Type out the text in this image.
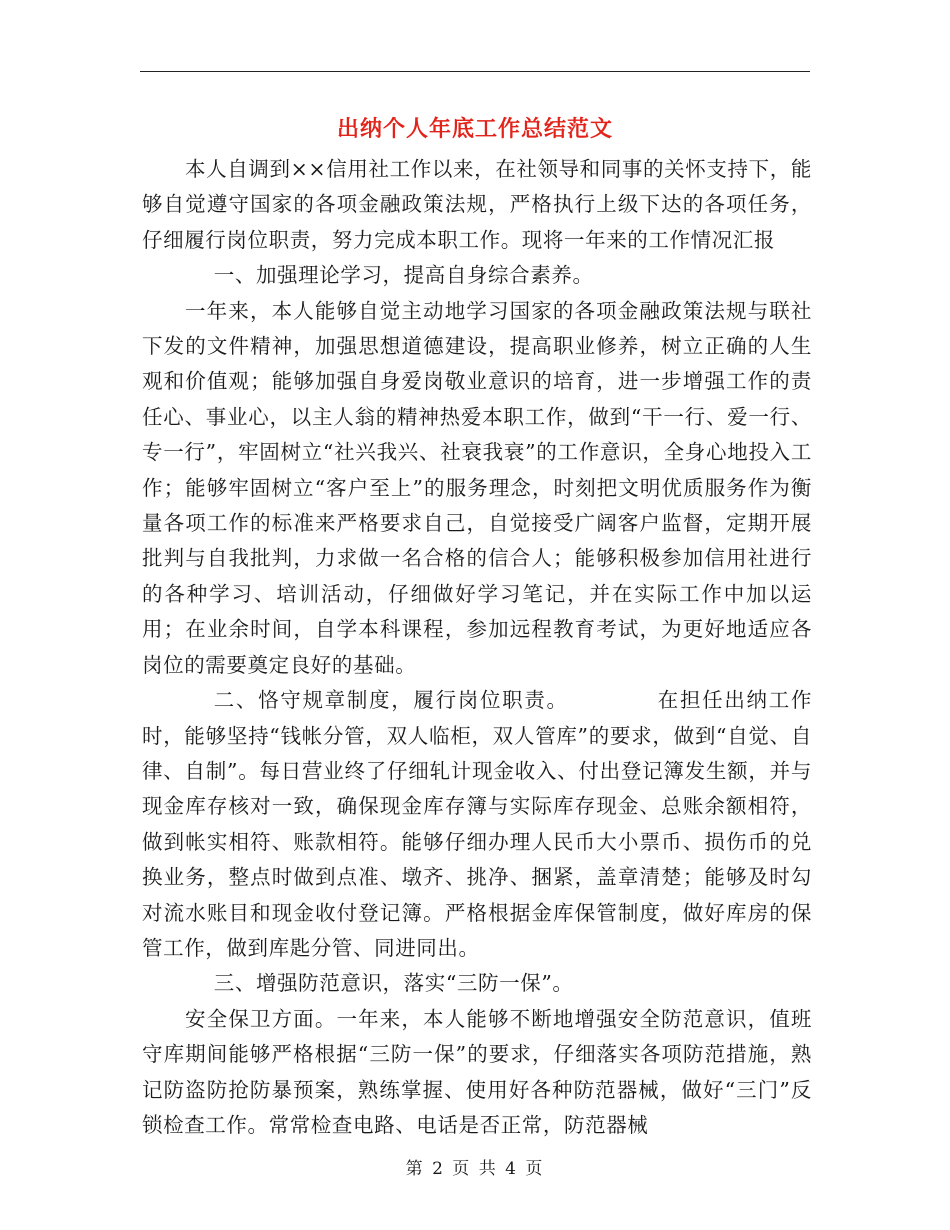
出纳个人年底工作总结范文

本人自调到××信用社工作以来，在社领导和同事的关怀支持下，能够自觉遵守国家的各项金融政策法规，严格执行上级下达的各项任务，仔细履行岗位职责，努力完成本职工作。现将一年来的工作情况汇报

一、加强理论学习，提高自身综合素养。

一年来，本人能够自觉主动地学习国家的各项金融政策法规与联社下发的文件精神，加强思想道德建设，提高职业修养，树立正确的人生观和价值观；能够加强自身爱岗敬业意识的培育，进一步增强工作的责任心、事业心，以主人翁的精神热爱本职工作，做到“干一行、爱一行、专一行”，牢固树立“社兴我兴、社衰我衰”的工作意识，全身心地投入工作；能够牢固树立“客户至上”的服务理念，时刻把文明优质服务作为衡量各项工作的标准来严格要求自己，自觉接受广阔客户监督，定期开展批判与自我批判，力求做一名合格的信合人；能够积极参加信用社进行的各种学习、培训活动，仔细做好学习笔记，并在实际工作中加以运用；在业余时间，自学本科课程，参加远程教育考试，为更好地适应各岗位的需要奠定良好的基础。

二、恪守规章制度，履行岗位职责。	在担任出纳工作时，能够坚持“钱帐分管，双人临柜，双人管库”的要求，做到“自觉、自律、自制”。每日营业终了仔细轧计现金收入、付出登记簿发生额，并与现金库存核对一致，确保现金库存簿与实际库存现金、总账余额相符，做到帐实相符、账款相符。能够仔细办理人民币大小票币、损伤币的兑换业务，整点时做到点准、墩齐、挑净、捆紧，盖章清楚；能够及时勾对流水账目和现金收付登记簿。严格根据金库保管制度，做好库房的保管工作，做到库匙分管、同进同出。

三、增强防范意识，落实“三防一保”。

安全保卫方面。一年来，本人能够不断地增强安全防范意识，值班守库期间能够严格根据“三防一保”的要求，仔细落实各项防范措施，熟记防盗防抢防暴预案，熟练掌握、使用好各种防范器械，做好“三门”反锁检查工作。常常检查电路、电话是否正常，防范器械

第 2 页 共 4 页
